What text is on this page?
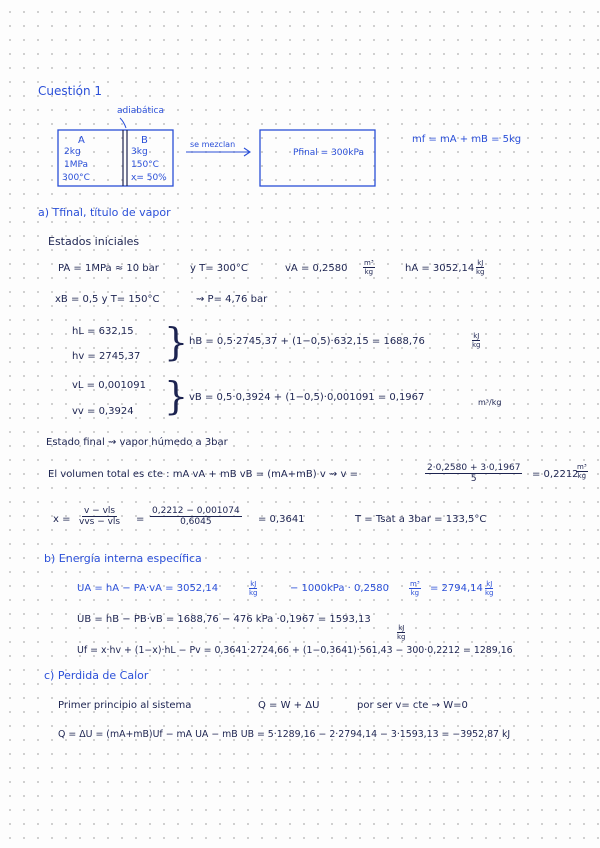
Cuestión 1
adiabática
A
2kg
1MPa
300°C
B
3kg
150°C
x= 50%
se mezclan
Pfinal = 300kPa
mf = mA + mB = 5kg
a) Tfinal, título de vapor
Estados iniciales
PA = 1MPa ≈ 10 bar	y T= 300°C	vA = $0,2580 \frac{\text{m³}}{kg}$	hA = $3052,14 \frac{kJ}{kg}$
xB = 0,5 y T= 150°C	⇝ P= 4,76 bar
hL = 632,15
hv = 2745,37 } hB = 0,5·2745,37 + (1−0,5)·632,15 = 1688,76	$\frac{kJ}{kg}$
vL = 0,001091
vv = 0,3924 } vB = 0,5·0,3924 + (1−0,5)·0,001091 = 0,1967	m³/kg
Estado final ⇝ vapor húmedo a 3bar
El volumen total es cte : mA vA + mB vB = (mA+mB) v ⇝ v =	$\frac{2\cdot 0,2580 + 3\cdot 0,1967}{5} = 0,2212$
$\frac{\text{m³}}{kg}$
x =
v − vls
vvs − vls = $\frac{0,2212 - 0,001074}{0,6045} = 0,3641$	T = Tsat a 3bar = 133,5°C
b) Energía interna específica
UA = hA − PA·vA = 3052,14	$\frac{kJ}{kg}$	− 1000kPa · 0,2580	$\frac{\text{m³}}{kg} = 2794,14 \frac{kJ}{kg}$
UB = hB − PB·vB = 1688,76 − 476 kPa ·0,1967 = 1593,13
$\frac{kJ}{kg}$
Uf = x·hv + (1−x)·hL − Pv = 0,3641·2724,66 + (1−0,3641)·561,43 − 300·0,2212 = 1289,16
c) Perdida de Calor
Primer principio al sistema	Q = W + ΔU	por ser v= cte → W=0
Q = ΔU = (mA+mB)Uf − mA UA − mB UB = 5·1289,16 − 2·2794,14 − 3·1593,13 = −3952,87 kJ
